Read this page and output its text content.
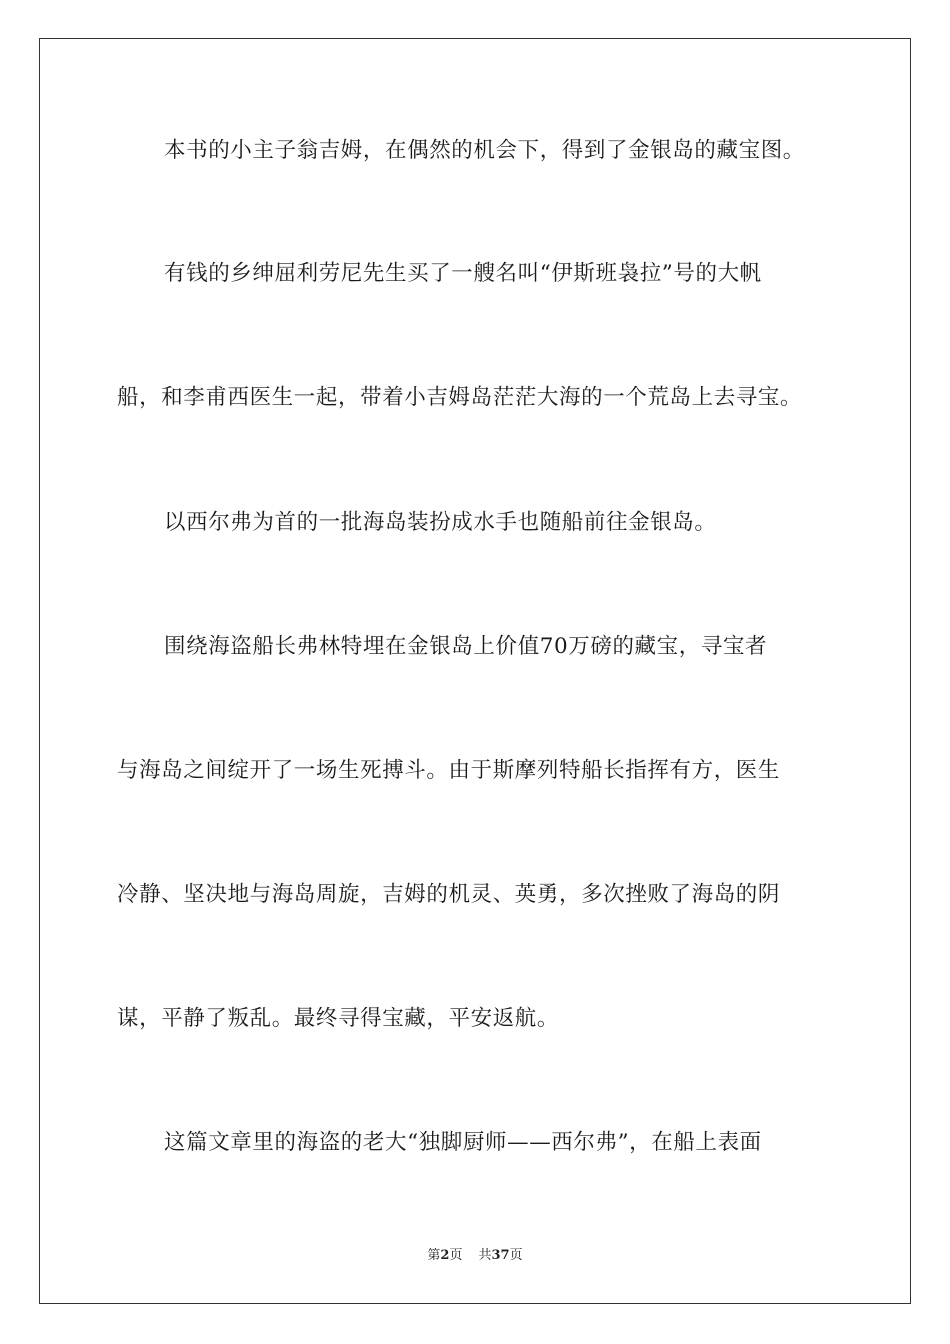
本书的小主子翁吉姆，在偶然的机会下，得到了金银岛的藏宝图。
有钱的乡绅屈利劳尼先生买了一艘名叫“伊斯班袅拉”号的大帆
船，和李甫西医生一起，带着小吉姆岛茫茫大海的一个荒岛上去寻宝。
以西尔弗为首的一批海岛装扮成水手也随船前往金银岛。
围绕海盗船长弗林特埋在金银岛上价值70万磅的藏宝，寻宝者
与海岛之间绽开了一场生死搏斗。由于斯摩列特船长指挥有方，医生
冷静、坚决地与海岛周旋，吉姆的机灵、英勇，多次挫败了海岛的阴
谋，平静了叛乱。最终寻得宝藏，平安返航。
这篇文章里的海盗的老大“独脚厨师——西尔弗”，在船上表面
第2页 共37页
